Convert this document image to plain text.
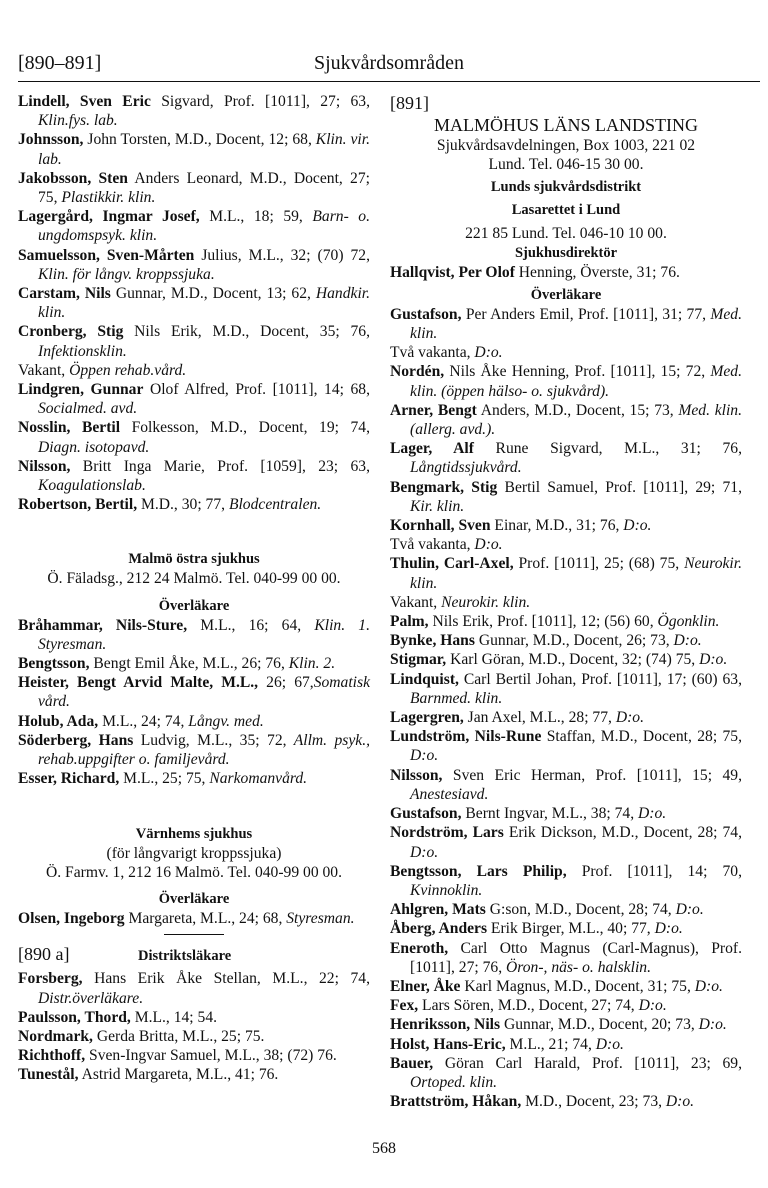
[890–891]	Sjukvårdsområden
Lindell, Sven Eric Sigvard, Prof. [1011], 27; 63, Klin.fys. lab.
Johnsson, John Torsten, M.D., Docent, 12; 68, Klin. vir. lab.
Jakobsson, Sten Anders Leonard, M.D., Docent, 27; 75, Plastikkir. klin.
Lagergård, Ingmar Josef, M.L., 18; 59, Barn- o. ungdomspsyk. klin.
Samuelsson, Sven-Mårten Julius, M.L., 32; (70) 72, Klin. för långv. kroppssjuka.
Carstam, Nils Gunnar, M.D., Docent, 13; 62, Handkir. klin.
Cronberg, Stig Nils Erik, M.D., Docent, 35; 76, Infektionsklin.
Vakant, Öppen rehab.vård.
Lindgren, Gunnar Olof Alfred, Prof. [1011], 14; 68, Socialmed. avd.
Nosslin, Bertil Folkesson, M.D., Docent, 19; 74, Diagn. isotopavd.
Nilsson, Britt Inga Marie, Prof. [1059], 23; 63, Koagulationslab.
Robertson, Bertil, M.D., 30; 77, Blodcentralen.
Malmö östra sjukhus
Ö. Fäladsg., 212 24 Malmö. Tel. 040-99 00 00.
Överläkare
Bråhammar, Nils-Sture, M.L., 16; 64, Klin. 1. Styresman.
Bengtsson, Bengt Emil Åke, M.L., 26; 76, Klin. 2.
Heister, Bengt Arvid Malte, M.L., 26; 67,Somatisk vård.
Holub, Ada, M.L., 24; 74, Långv. med.
Söderberg, Hans Ludvig, M.L., 35; 72, Allm. psyk., rehab.uppgifter o. familjevård.
Esser, Richard, M.L., 25; 75, Narkomanvård.
Värnhems sjukhus
(för långvarigt kroppssjuka)
Ö. Farmv. 1, 212 16 Malmö. Tel. 040-99 00 00.
Överläkare
Olsen, Ingeborg Margareta, M.L., 24; 68, Styresman.
[890 a]	Distriktsläkare
Forsberg, Hans Erik Åke Stellan, M.L., 22; 74, Distr.överläkare.
Paulsson, Thord, M.L., 14; 54.
Nordmark, Gerda Britta, M.L., 25; 75.
Richthoff, Sven-Ingvar Samuel, M.L., 38; (72) 76.
Tunestål, Astrid Margareta, M.L., 41; 76.
[891]
MALMÖHUS LÄNS LANDSTING
Sjukvårdsavdelningen, Box 1003, 221 02
Lund. Tel. 046-15 30 00.
Lunds sjukvårdsdistrikt
Lasarettet i Lund
221 85 Lund. Tel. 046-10 10 00.
Sjukhusdirektör
Hallqvist, Per Olof Henning, Överste, 31; 76.
Överläkare
Gustafson, Per Anders Emil, Prof. [1011], 31; 77, Med. klin.
Två vakanta, D:o.
Nordén, Nils Åke Henning, Prof. [1011], 15; 72, Med. klin. (öppen hälso- o. sjukvård).
Arner, Bengt Anders, M.D., Docent, 15; 73, Med. klin. (allerg. avd.).
Lager, Alf Rune Sigvard, M.L., 31; 76, Långtidssjukvård.
Bengmark, Stig Bertil Samuel, Prof. [1011], 29; 71, Kir. klin.
Kornhall, Sven Einar, M.D., 31; 76, D:o.
Två vakanta, D:o.
Thulin, Carl-Axel, Prof. [1011], 25; (68) 75, Neurokir. klin.
Vakant, Neurokir. klin.
Palm, Nils Erik, Prof. [1011], 12; (56) 60, Ögonklin.
Bynke, Hans Gunnar, M.D., Docent, 26; 73, D:o.
Stigmar, Karl Göran, M.D., Docent, 32; (74) 75, D:o.
Lindquist, Carl Bertil Johan, Prof. [1011], 17; (60) 63, Barnmed. klin.
Lagergren, Jan Axel, M.L., 28; 77, D:o.
Lundström, Nils-Rune Staffan, M.D., Docent, 28; 75, D:o.
Nilsson, Sven Eric Herman, Prof. [1011], 15; 49, Anestesiavd.
Gustafson, Bernt Ingvar, M.L., 38; 74, D:o.
Nordström, Lars Erik Dickson, M.D., Docent, 28; 74, D:o.
Bengtsson, Lars Philip, Prof. [1011], 14; 70, Kvinnoklin.
Ahlgren, Mats G:son, M.D., Docent, 28; 74, D:o.
Åberg, Anders Erik Birger, M.L., 40; 77, D:o.
Eneroth, Carl Otto Magnus (Carl-Magnus), Prof. [1011], 27; 76, Öron-, näs- o. halsklin.
Elner, Åke Karl Magnus, M.D., Docent, 31; 75, D:o.
Fex, Lars Sören, M.D., Docent, 27; 74, D:o.
Henriksson, Nils Gunnar, M.D., Docent, 20; 73, D:o.
Holst, Hans-Eric, M.L., 21; 74, D:o.
Bauer, Göran Carl Harald, Prof. [1011], 23; 69, Ortoped. klin.
Brattström, Håkan, M.D., Docent, 23; 73, D:o.
568
